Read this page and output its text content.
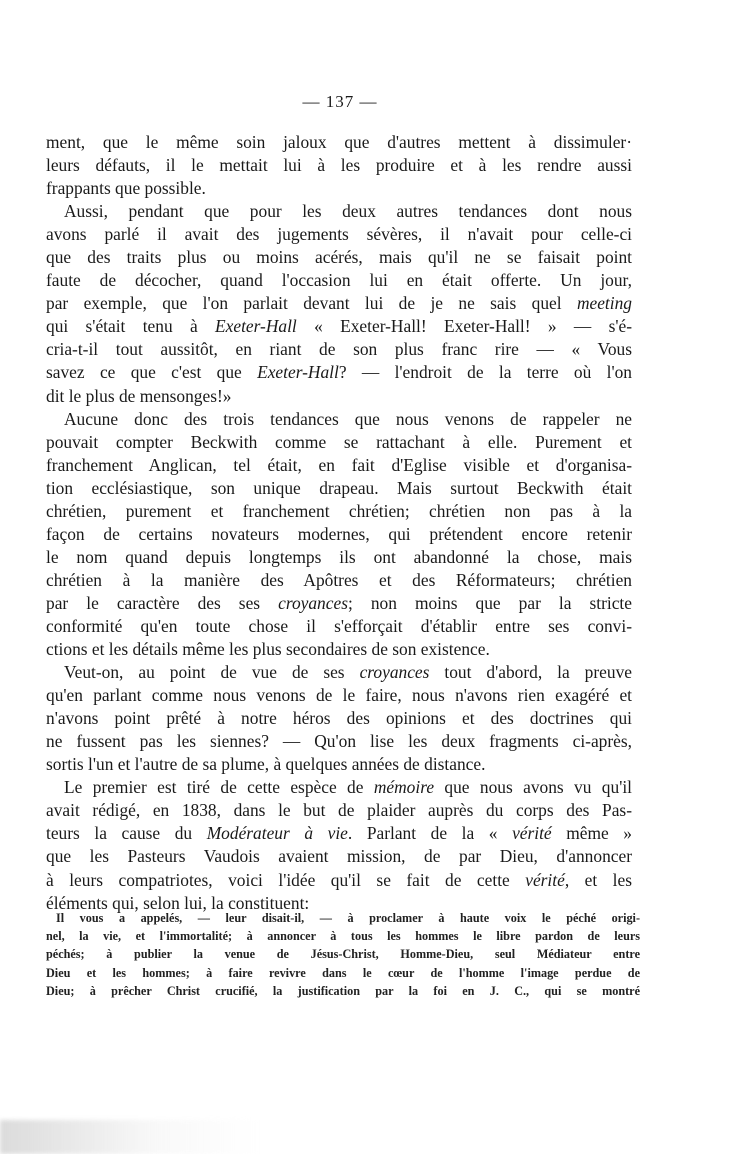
— 137 —
ment, que le même soin jaloux que d'autres mettent à dissimuler·
leurs défauts, il le mettait lui à les produire et à les rendre aussi
frappants que possible.
Aussi, pendant que pour les deux autres tendances dont nous
avons parlé il avait des jugements sévères, il n'avait pour celle-ci
que des traits plus ou moins acérés, mais qu'il ne se faisait point
faute de décocher, quand l'occasion lui en était offerte. Un jour,
par exemple, que l'on parlait devant lui de je ne sais quel meeting
qui s'était tenu à Exeter-Hall « Exeter-Hall! Exeter-Hall! » — s'é-
cria-t-il tout aussitôt, en riant de son plus franc rire — « Vous
savez ce que c'est que Exeter-Hall? — l'endroit de la terre où l'on
dit le plus de mensonges!»
Aucune donc des trois tendances que nous venons de rappeler ne
pouvait compter Beckwith comme se rattachant à elle. Purement et
franchement Anglican, tel était, en fait d'Eglise visible et d'organisa-
tion ecclésiastique, son unique drapeau. Mais surtout Beckwith était
chrétien, purement et franchement chrétien; chrétien non pas à la
façon de certains novateurs modernes, qui prétendent encore retenir
le nom quand depuis longtemps ils ont abandonné la chose, mais
chrétien à la manière des Apôtres et des Réformateurs; chrétien
par le caractère des ses croyances; non moins que par la stricte
conformité qu'en toute chose il s'efforçait d'établir entre ses convi-
ctions et les détails même les plus secondaires de son existence.
Veut-on, au point de vue de ses croyances tout d'abord, la preuve
qu'en parlant comme nous venons de le faire, nous n'avons rien exagéré et
n'avons point prêté à notre héros des opinions et des doctrines qui
ne fussent pas les siennes? — Qu'on lise les deux fragments ci-après,
sortis l'un et l'autre de sa plume, à quelques années de distance.
Le premier est tiré de cette espèce de mémoire que nous avons vu qu'il
avait rédigé, en 1838, dans le but de plaider auprès du corps des Pas-
teurs la cause du Modérateur à vie. Parlant de la « vérité même »
que les Pasteurs Vaudois avaient mission, de par Dieu, d'annoncer
à leurs compatriotes, voici l'idée qu'il se fait de cette vérité, et les
éléments qui, selon lui, la constituent:
Il vous a appelés, — leur disait-il, — à proclamer à haute voix le péché origi-
nel, la vie, et l'immortalité; à annoncer à tous les hommes le libre pardon de leurs
péchés; à publier la venue de Jésus-Christ, Homme-Dieu, seul Médiateur entre
Dieu et les hommes; à faire revivre dans le cœur de l'homme l'image perdue de
Dieu; à prêcher Christ crucifié, la justification par la foi en J. C., qui se montré
